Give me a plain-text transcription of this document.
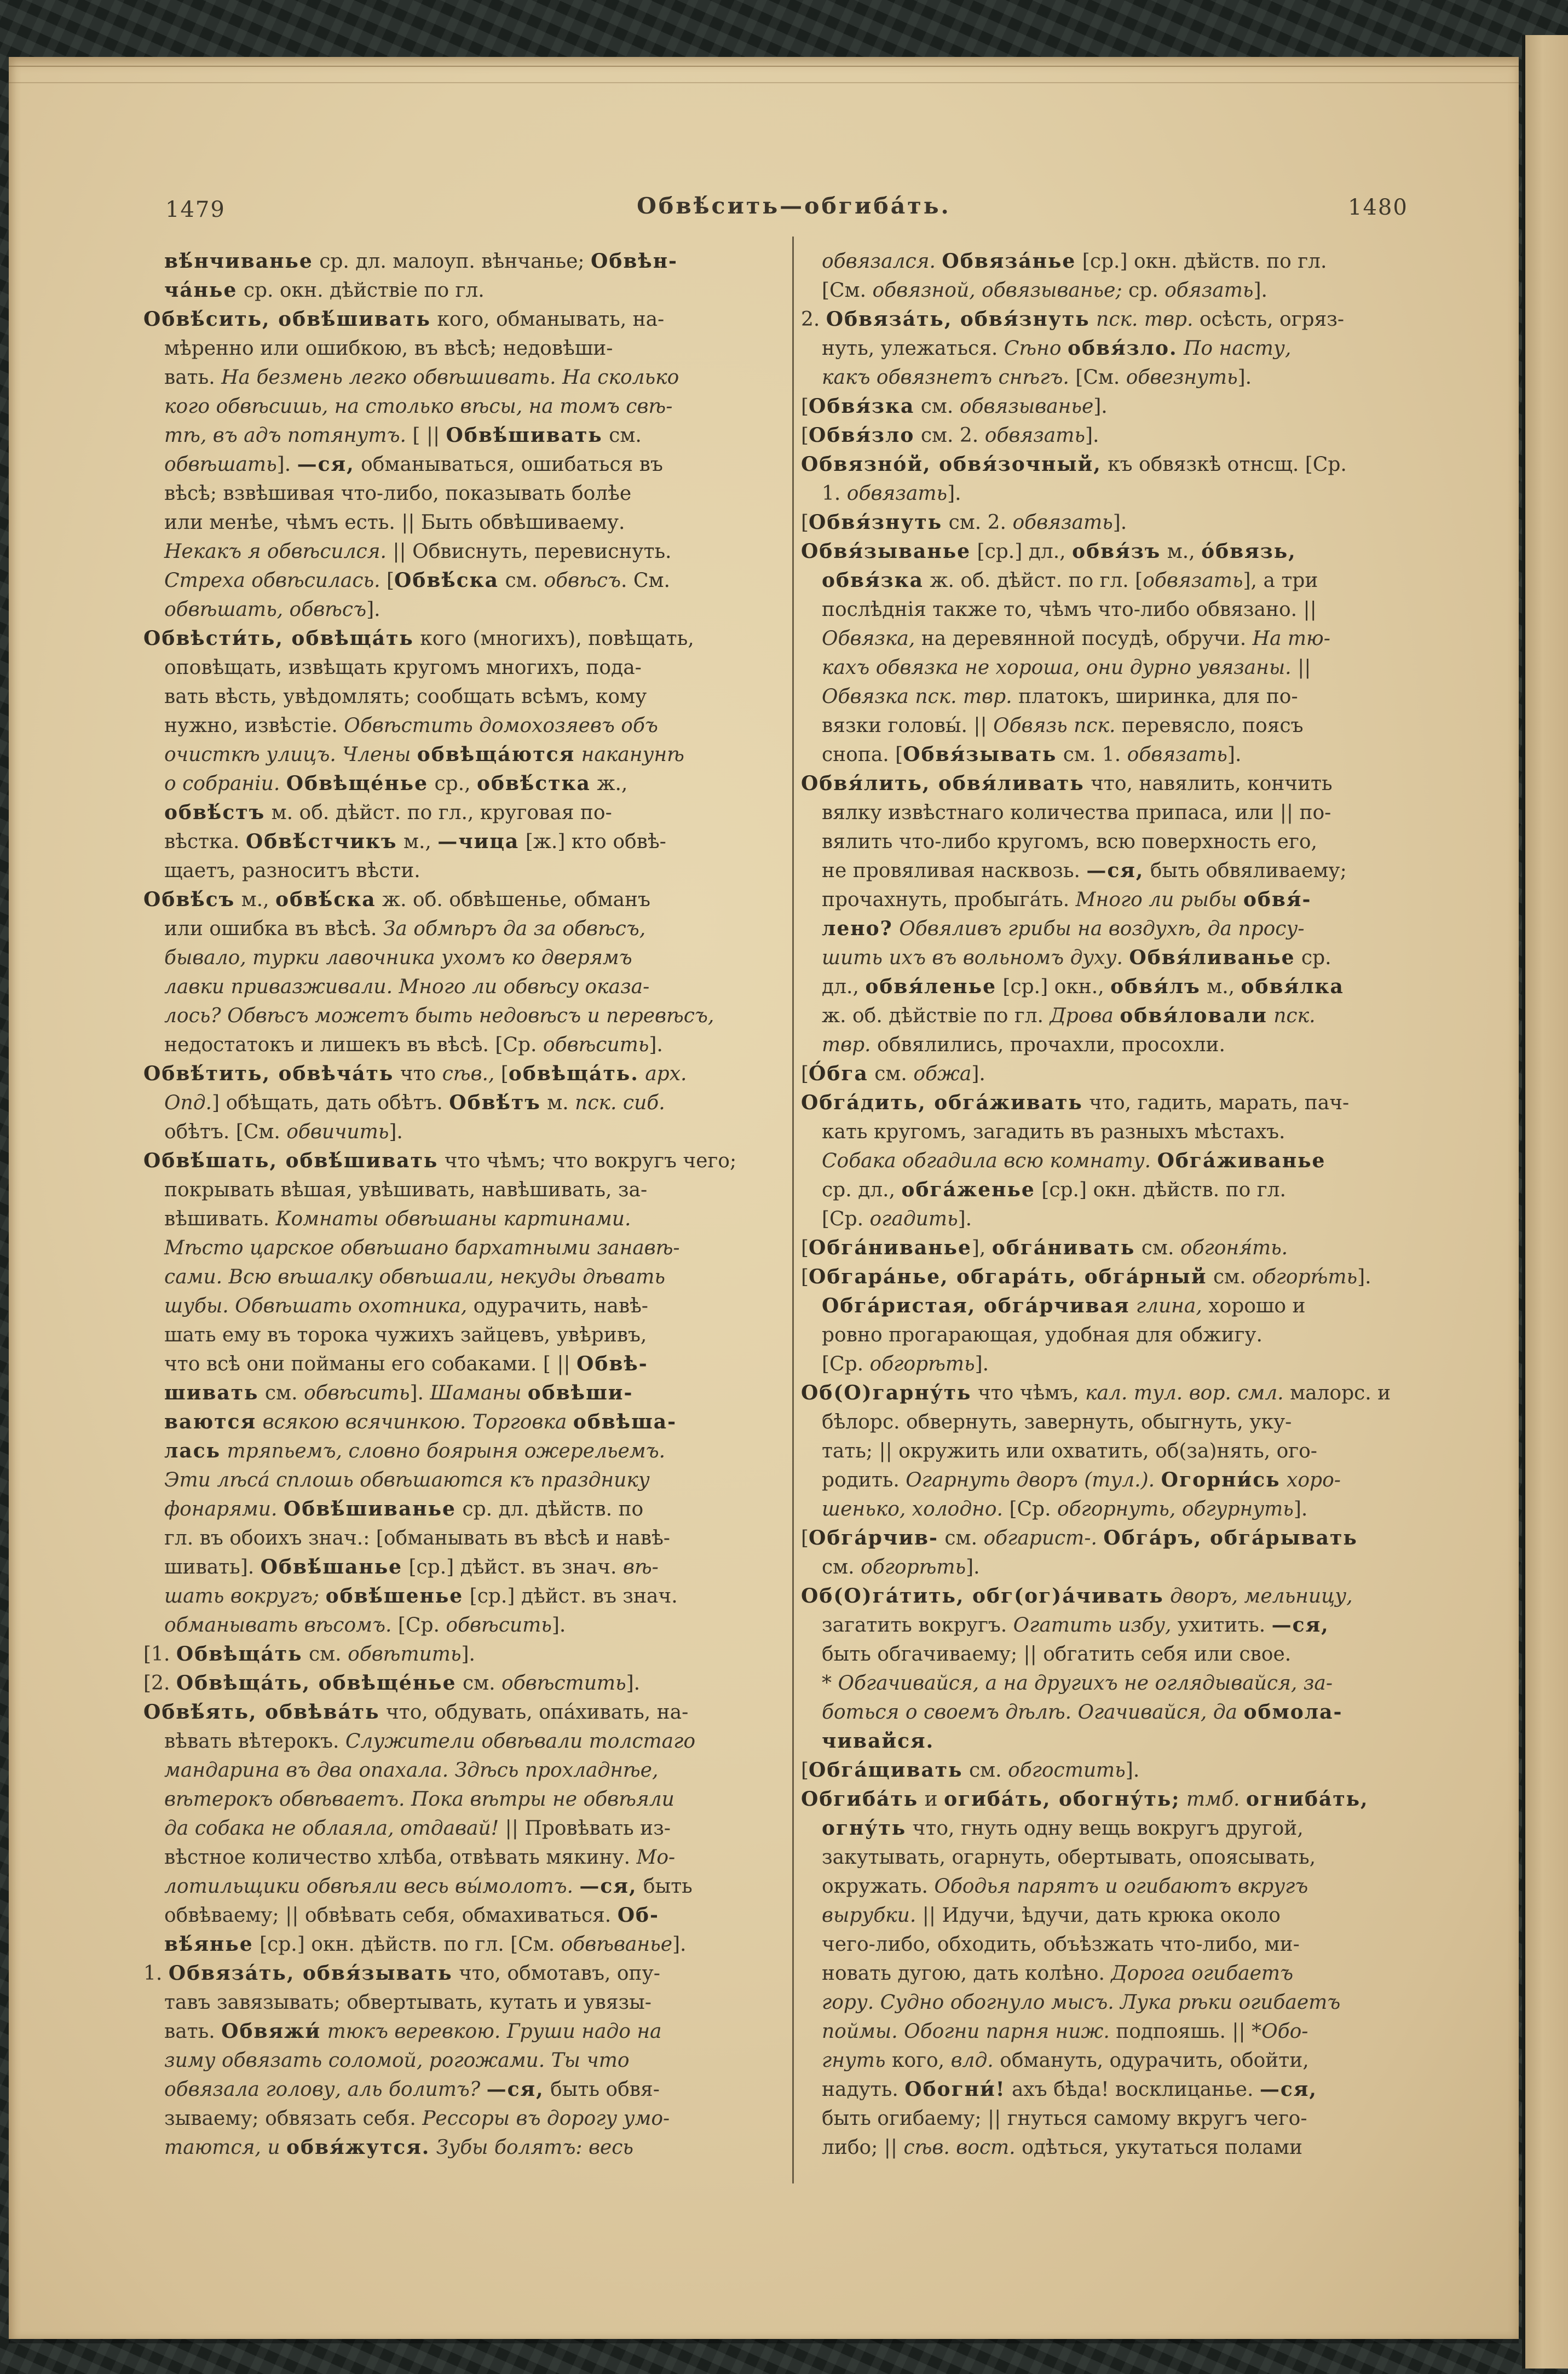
1479	Обвѣ́сить—обгиба́ть.	1480
вѣ́нчиванье ср. дл. малоуп. вѣнчанье; Обвѣн-
ча́нье ср. окн. дѣйствіе по гл.
Обвѣ́сить, обвѣ́шивать кого, обманывать, на-
мѣренно или ошибкою, въ вѣсѣ; недовѣши-
вать. На безмень легко обвѣшивать. На сколько
кого обвѣсишь, на столько вѣсы, на томъ свѣ-
тѣ, въ адъ потянутъ. [ || Обвѣ́шивать см.
обвѣшать]. —ся, обманываться, ошибаться въ
вѣсѣ; взвѣшивая что-либо, показывать болѣе
или менѣе, чѣмъ есть. || Быть обвѣшиваему.
Некакъ я обвѣсился. || Обвиснуть, перевиснуть.
Стреха обвѣсилась. [Обвѣ́ска см. обвѣсъ. См.
обвѣшать, обвѣсъ].
Обвѣсти́ть, обвѣща́ть кого (многихъ), повѣщать,
оповѣщать, извѣщать кругомъ многихъ, пода-
вать вѣсть, увѣдомлять; сообщать всѣмъ, кому
нужно, извѣстіе. Обвѣстить домохозяевъ объ
очисткѣ улицъ. Члены обвѣща́ются наканунѣ
о собраніи. Обвѣще́нье ср., обвѣ́стка ж.,
обвѣ́стъ м. об. дѣйст. по гл., круговая по-
вѣстка. Обвѣ́стчикъ м., —чица [ж.] кто обвѣ-
щаетъ, разноситъ вѣсти.
Обвѣ́съ м., обвѣ́ска ж. об. обвѣшенье, обманъ
или ошибка въ вѣсѣ. За обмѣръ да за обвѣсъ,
бывало, турки лавочника ухомъ ко дверямъ
лавки привазживали. Много ли обвѣсу оказа-
лось? Обвѣсъ можетъ быть недовѣсъ и перевѣсъ,
недостатокъ и лишекъ въ вѣсѣ. [Ср. обвѣсить].
Обвѣ́тить, обвѣча́ть что сѣв., [обвѣща́ть. арх.
Опд.] обѣщать, дать обѣтъ. Обвѣ́тъ м. пск. сиб.
обѣтъ. [См. обвичить].
Обвѣ́шать, обвѣ́шивать что чѣмъ; что вокругъ чего;
покрывать вѣшая, увѣшивать, навѣшивать, за-
вѣшивать. Комнаты обвѣшаны картинами.
Мѣсто царское обвѣшано бархатными занавѣ-
сами. Всю вѣшалку обвѣшали, некуды дѣвать
шубы. Обвѣшать охотника, одурачить, навѣ-
шать ему въ торока чужихъ зайцевъ, увѣривъ,
что всѣ они пойманы его собаками. [ || Обвѣ-
шивать см. обвѣсить]. Шаманы обвѣши-
ваются всякою всячинкою. Торговка обвѣша-
лась тряпьемъ, словно боярыня ожерельемъ.
Эти лѣса́ сплошь обвѣшаются къ празднику
фонарями. Обвѣ́шиванье ср. дл. дѣйств. по
гл. въ обоихъ знач.: [обманывать въ вѣсѣ и навѣ-
шивать]. Обвѣ́шанье [ср.] дѣйст. въ знач. вѣ-
шать вокругъ; обвѣ́шенье [ср.] дѣйст. въ знач.
обманывать вѣсомъ. [Ср. обвѣсить].
[1. Обвѣща́ть см. обвѣтить].
[2. Обвѣща́ть, обвѣще́нье см. обвѣстить].
Обвѣ́ять, обвѣва́ть что, обдувать, опа́хивать, на-
вѣвать вѣтерокъ. Служители обвѣвали толстаго
мандарина въ два опахала. Здѣсь прохладнѣе,
вѣтерокъ обвѣваетъ. Пока вѣтры не обвѣяли
да собака не облаяла, отдавай! || Провѣвать из-
вѣстное количество хлѣба, отвѣвать мякину. Мо-
лотильщики обвѣяли весь вы́молотъ. —ся, быть
обвѣваему; || обвѣвать себя, обмахиваться. Об-
вѣ́янье [ср.] окн. дѣйств. по гл. [См. обвѣванье].
1. Обвяза́ть, обвя́зывать что, обмотавъ, опу-
тавъ завязывать; обвертывать, кутать и увязы-
вать. Обвяжи́ тюкъ веревкою. Груши надо на
зиму обвязать соломой, рогожами. Ты что
обвязала голову, аль болитъ? —ся, быть обвя-
зываему; обвязать себя. Рессоры въ дорогу умо-
таются, и обвя́жутся. Зубы болятъ: весь
обвязался. Обвяза́нье [ср.] окн. дѣйств. по гл.
[См. обвязной, обвязыванье; ср. обязать].
2. Обвяза́ть, обвя́знуть пск. твр. осѣсть, огряз-
нуть, улежаться. Сѣно обвя́зло. По насту,
какъ обвязнетъ снѣгъ. [См. обвезнуть].
[Обвя́зка см. обвязыванье].
[Обвя́зло см. 2. обвязать].
Обвязно́й, обвя́зочный, къ обвязкѣ отнсщ. [Ср.
1. обвязать].
[Обвя́знуть см. 2. обвязать].
Обвя́зыванье [ср.] дл., обвя́зъ м., о́бвязь,
обвя́зка ж. об. дѣйст. по гл. [обвязать], а три
послѣднія также то, чѣмъ что-либо обвязано. ||
Обвязка, на деревянной посудѣ, обручи. На тю-
кахъ обвязка не хороша, они дурно увязаны. ||
Обвязка пск. твр. платокъ, ширинка, для по-
вязки головы́. || Обвязь пск. перевясло, поясъ
снопа. [Обвя́зывать см. 1. обвязать].
Обвя́лить, обвя́ливать что, навялить, кончить
вялку извѣстнаго количества припаса, или || по-
вялить что-либо кругомъ, всю поверхность его,
не провяливая насквозь. —ся, быть обвяливаему;
прочахнуть, пробыга́ть. Много ли рыбы обвя́-
лено? Обвяливъ грибы на воздухѣ, да просу-
шить ихъ въ вольномъ духу. Обвя́ливанье ср.
дл., обвя́ленье [ср.] окн., обвя́лъ м., обвя́лка
ж. об. дѣйствіе по гл. Дрова обвя́ловали пск.
твр. обвялились, прочахли, просохли.
[О́бга см. обжа].
Обга́дить, обга́живать что, гадить, марать, пач-
кать кругомъ, загадить въ разныхъ мѣстахъ.
Собака обгадила всю комнату. Обга́живанье
ср. дл., обга́женье [ср.] окн. дѣйств. по гл.
[Ср. огадить].
[Обга́ниванье], обга́нивать см. обгоня́ть.
[Обгара́нье, обгара́ть, обга́рный см. обгорѣ́ть].
Обга́ристая, обга́рчивая глина, хорошо и
ровно прогарающая, удобная для обжигу.
[Ср. обгорѣть].
Об(О)гарну́ть что чѣмъ, кал. тул. вор. смл. малорс. и
бѣлорс. обвернуть, завернуть, обыгнуть, уку-
тать; || окружить или охватить, об(за)нять, ого-
родить. Огарнуть дворъ (тул.). Огорни́сь хоро-
шенько, холодно. [Ср. обгорнуть, обгурнуть].
[Обга́рчив- см. обгарист-. Обга́ръ, обга́рывать
см. обгорѣть].
Об(О)га́тить, обг(ог)а́чивать дворъ, мельницу,
загатить вокругъ. Огатить избу, ухитить. —ся,
быть обгачиваему; || обгатить себя или свое.
* Обгачивайся, а на другихъ не оглядывайся, за-
боться о своемъ дѣлѣ. Огачивайся, да обмола-
чивайся.
[Обга́щивать см. обгостить].
Обгиба́ть и огиба́ть, обогну́ть; тмб. огниба́ть,
огну́ть что, гнуть одну вещь вокругъ другой,
закутывать, огарнуть, обертывать, опоясывать,
окружать. Ободья парятъ и огибаютъ вкругъ
вырубки. || Идучи, ѣдучи, дать крюка около
чего-либо, обходить, объѣзжать что-либо, ми-
новать дугою, дать колѣно. Дорога огибаетъ
гору. Судно обогнуло мысъ. Лука рѣки огибаетъ
поймы. Обогни парня ниж. подпояшь. || *Обо-
гнуть кого, влд. обмануть, одурачить, обойти,
надуть. Обогни́! ахъ бѣда! восклицанье. —ся,
быть огибаему; || гнуться самому вкругъ чего-
либо; || сѣв. вост. одѣться, укутаться полами
